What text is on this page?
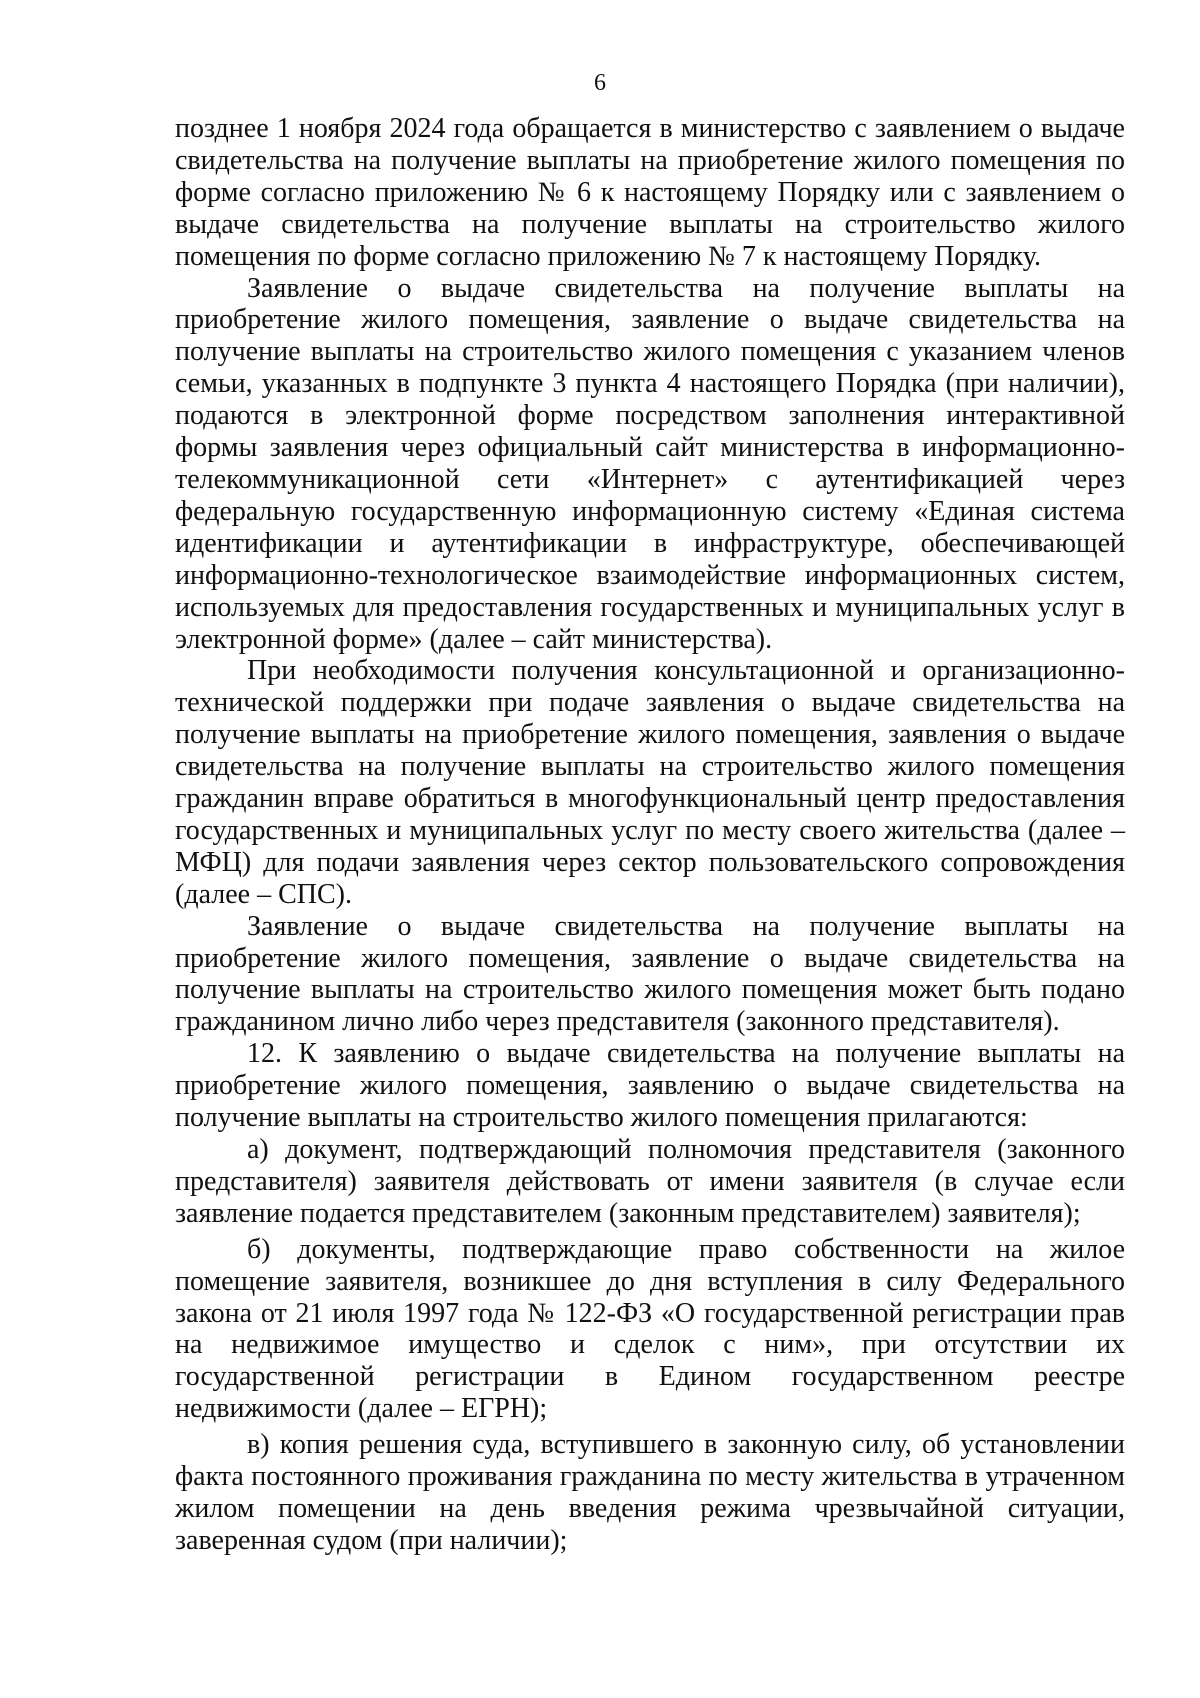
6

позднее 1 ноября 2024 года обращается в министерство с заявлением о выдаче свидетельства на получение выплаты на приобретение жилого помещения по форме согласно приложению № 6 к настоящему Порядку или с заявлением о выдаче свидетельства на получение выплаты на строительство жилого помещения по форме согласно приложению № 7 к настоящему Порядку.

Заявление о выдаче свидетельства на получение выплаты на приобретение жилого помещения, заявление о выдаче свидетельства на получение выплаты на строительство жилого помещения с указанием членов семьи, указанных в подпункте 3 пункта 4 настоящего Порядка (при наличии), подаются в электронной форме посредством заполнения интерактивной формы заявления через официальный сайт министерства в информационно-телекоммуникационной сети «Интернет» с аутентификацией через федеральную государственную информационную систему «Единая система идентификации и аутентификации в инфраструктуре, обеспечивающей информационно-технологическое взаимодействие информационных систем, используемых для предоставления государственных и муниципальных услуг в электронной форме» (далее – сайт министерства).

При необходимости получения консультационной и организационно-технической поддержки при подаче заявления о выдаче свидетельства на получение выплаты на приобретение жилого помещения, заявления о выдаче свидетельства на получение выплаты на строительство жилого помещения гражданин вправе обратиться в многофункциональный центр предоставления государственных и муниципальных услуг по месту своего жительства (далее – МФЦ) для подачи заявления через сектор пользовательского сопровождения (далее – СПС).

Заявление о выдаче свидетельства на получение выплаты на приобретение жилого помещения, заявление о выдаче свидетельства на получение выплаты на строительство жилого помещения может быть подано гражданином лично либо через представителя (законного представителя).

12. К заявлению о выдаче свидетельства на получение выплаты на приобретение жилого помещения, заявлению о выдаче свидетельства на получение выплаты на строительство жилого помещения прилагаются:

а) документ, подтверждающий полномочия представителя (законного представителя) заявителя действовать от имени заявителя (в случае если заявление подается представителем (законным представителем) заявителя);

б) документы, подтверждающие право собственности на жилое помещение заявителя, возникшее до дня вступления в силу Федерального закона от 21 июля 1997 года № 122-ФЗ «О государственной регистрации прав на недвижимое имущество и сделок с ним», при отсутствии их государственной регистрации в Едином государственном реестре недвижимости (далее – ЕГРН);

в) копия решения суда, вступившего в законную силу, об установлении факта постоянного проживания гражданина по месту жительства в утраченном жилом помещении на день введения режима чрезвычайной ситуации, заверенная судом (при наличии);
